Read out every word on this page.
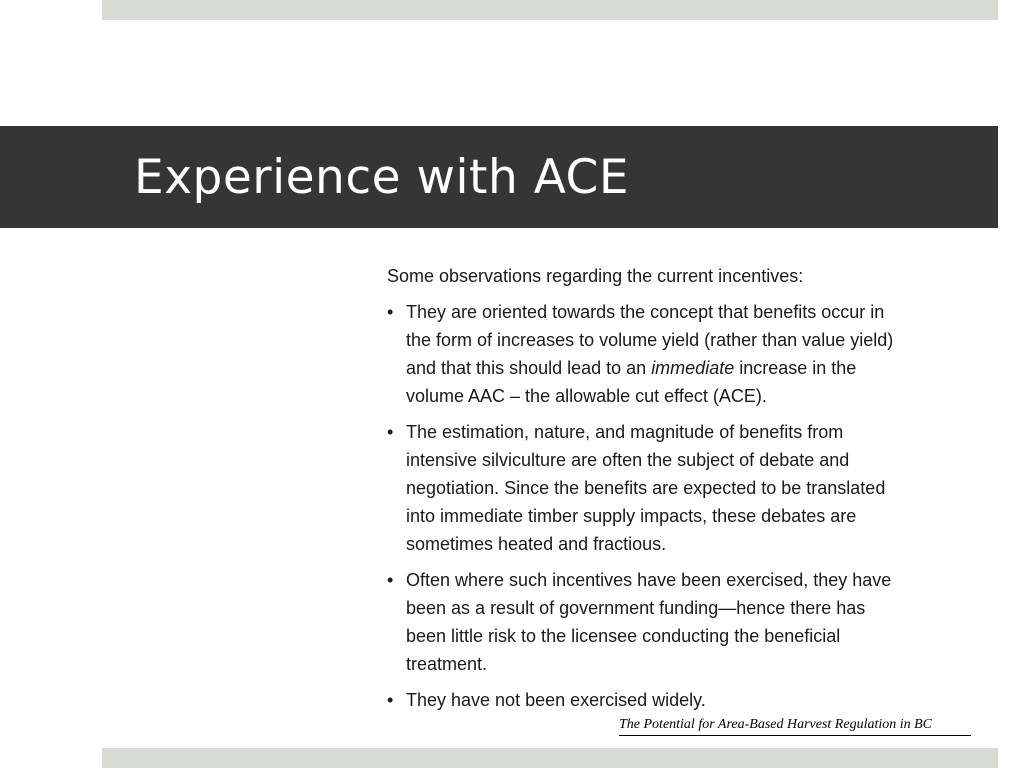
Experience with ACE

Some observations regarding the current incentives:

• They are oriented towards the concept that benefits occur in the form of increases to volume yield (rather than value yield) and that this should lead to an immediate increase in the volume AAC – the allowable cut effect (ACE).
• The estimation, nature, and magnitude of benefits from intensive silviculture are often the subject of debate and negotiation. Since the benefits are expected to be translated into immediate timber supply impacts, these debates are sometimes heated and fractious.
• Often where such incentives have been exercised, they have been as a result of government funding—hence there has been little risk to the licensee conducting the beneficial treatment.
• They have not been exercised widely.
The Potential for Area-Based Harvest Regulation in BC
